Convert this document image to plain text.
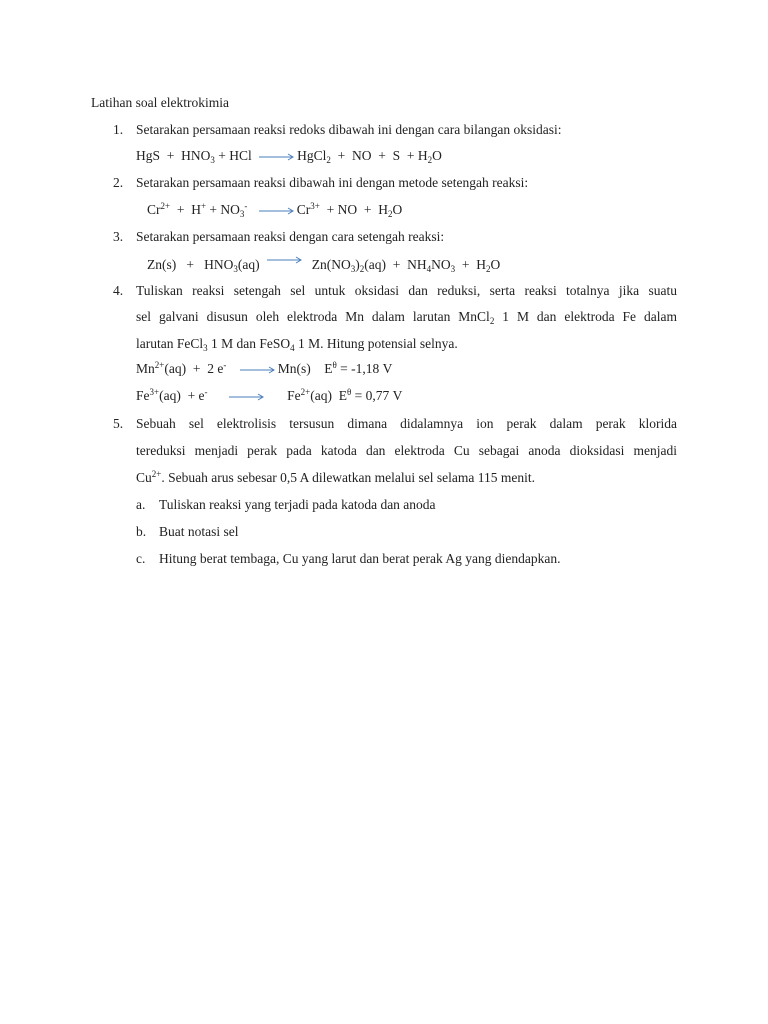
Latihan soal elektrokimia
1. Setarakan persamaan reaksi redoks dibawah ini dengan cara bilangan oksidasi:
HgS + $HNO_3$ + HCl → HgCl$_2$ + NO + $S + H_2O$
2. Setarakan persamaan reaksi dibawah ini dengan metode setengah reaksi:
$Cr^{2+} + H^+ + NO_3^- \to Cr^{3+}$ + NO + $H_2O$
3. Setarakan persamaan reaksi dengan cara setengah reaksi:
$Zn(s) + HNO_3(aq) \to Zn(NO_3)_2(aq) + NH_4NO_3 + H_2O$
4. Tuliskan reaksi setengah sel untuk oksidasi dan reduksi, serta reaksi totalnya jika suatu
sel galvani disusun oleh elektroda Mn dalam larutan MnCl$_2$ 1 M dan elektroda Fe dalam
larutan FeCl$_3$ 1 M dan FeSO$_4$ 1 M. Hitung potensial selnya.
$Mn^{2+}(aq) + 2$ e- → Mn(s) $E^\theta = -1,18$ V
$Fe^{3+}(aq) + e^-$	$Fe^{2+}(aq) E^\theta = 0,77$ V
5. Sebuah sel elektrolisis tersusun dimana didalamnya ion perak dalam perak klorida
tereduksi menjadi perak pada katoda dan elektroda Cu sebagai anoda dioksidasi menjadi
$Cu^{2+}$. Sebuah arus sebesar 0,5 A dilewatkan melalui sel selama 115 menit.
a. Tuliskan reaksi yang terjadi pada katoda dan anoda
b. Buat notasi sel
c. Hitung berat tembaga, Cu yang larut dan berat perak Ag yang diendapkan.
